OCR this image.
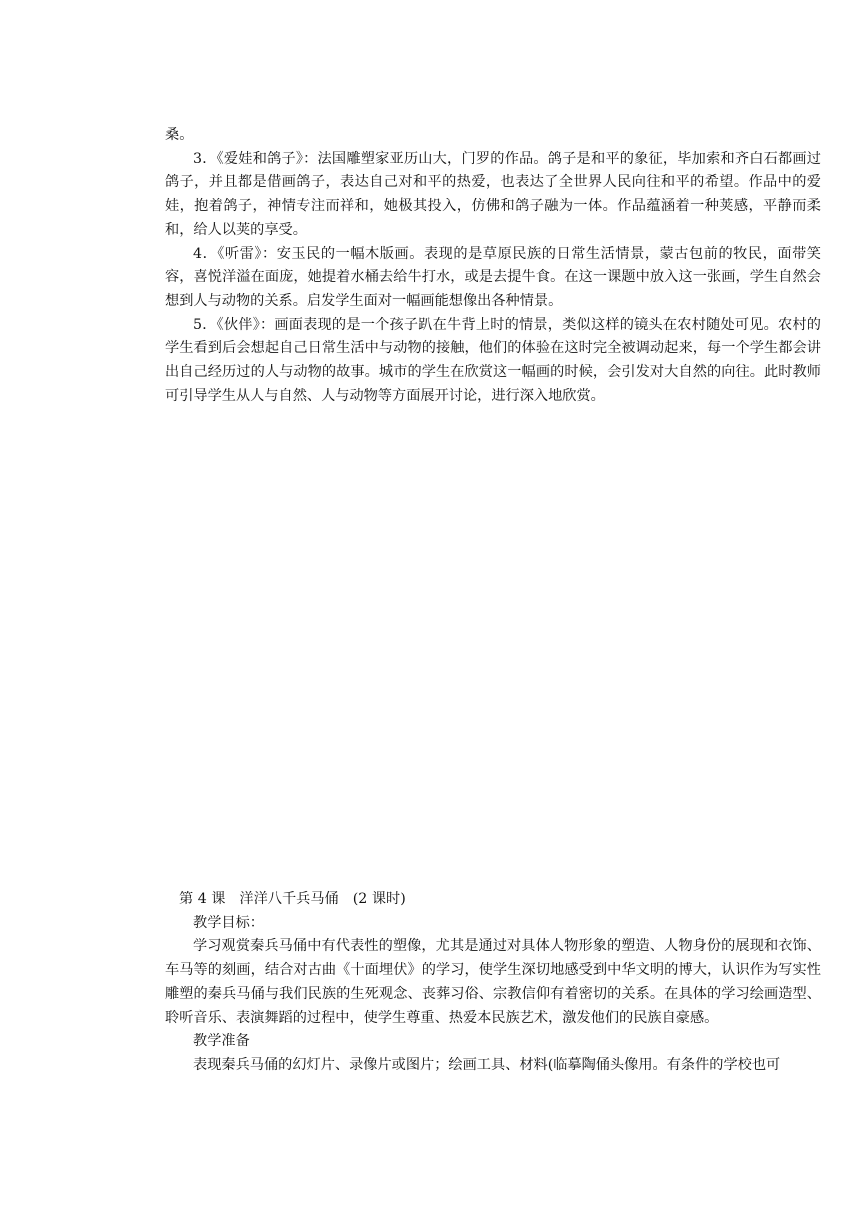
桑。

3．《爱娃和鸽子》：法国雕塑家亚历山大，门罗的作品。鸽子是和平的象征，毕加索和齐白石都画过鸽子，并且都是借画鸽子，表达自己对和平的热爱，也表达了全世界人民向往和平的希望。作品中的爱娃，抱着鸽子，神情专注而祥和，她极其投入，仿佛和鸽子融为一体。作品蕴涵着一种荚感，平静而柔和，给人以荚的享受。

4．《听雷》：安玉民的一幅木版画。表现的是草原民族的日常生活情景，蒙古包前的牧民，面带笑容，喜悦洋溢在面庞，她提着水桶去给牛打水，或是去提牛食。在这一课题中放入这一张画，学生自然会想到人与动物的关系。启发学生面对一幅画能想像出各种情景。

5．《伙伴》：画面表现的是一个孩子趴在牛背上时的情景，类似这样的镜头在农村随处可见。农村的学生看到后会想起自己日常生活中与动物的接触，他们的体验在这时完全被调动起来，每一个学生都会讲出自己经历过的人与动物的故事。城市的学生在欣赏这一幅画的时候，会引发对大自然的向往。此时教师可引导学生从人与自然、人与动物等方面展开讨论，进行深入地欣赏。

第 4 课 洋洋八千兵马俑 (2 课时)

教学目标：

学习观赏秦兵马俑中有代表性的塑像，尤其是通过对具体人物形象的塑造、人物身份的展现和衣饰、车马等的刻画，结合对古曲《十面埋伏》的学习，使学生深切地感受到中华文明的博大，认识作为写实性雕塑的秦兵马俑与我们民族的生死观念、丧葬习俗、宗教信仰有着密切的关系。在具体的学习绘画造型、聆听音乐、表演舞蹈的过程中，使学生尊重、热爱本民族艺术，激发他们的民族自豪感。

教学准备

表现秦兵马俑的幻灯片、录像片或图片；绘画工具、材料(临摹陶俑头像用。有条件的学校也可
